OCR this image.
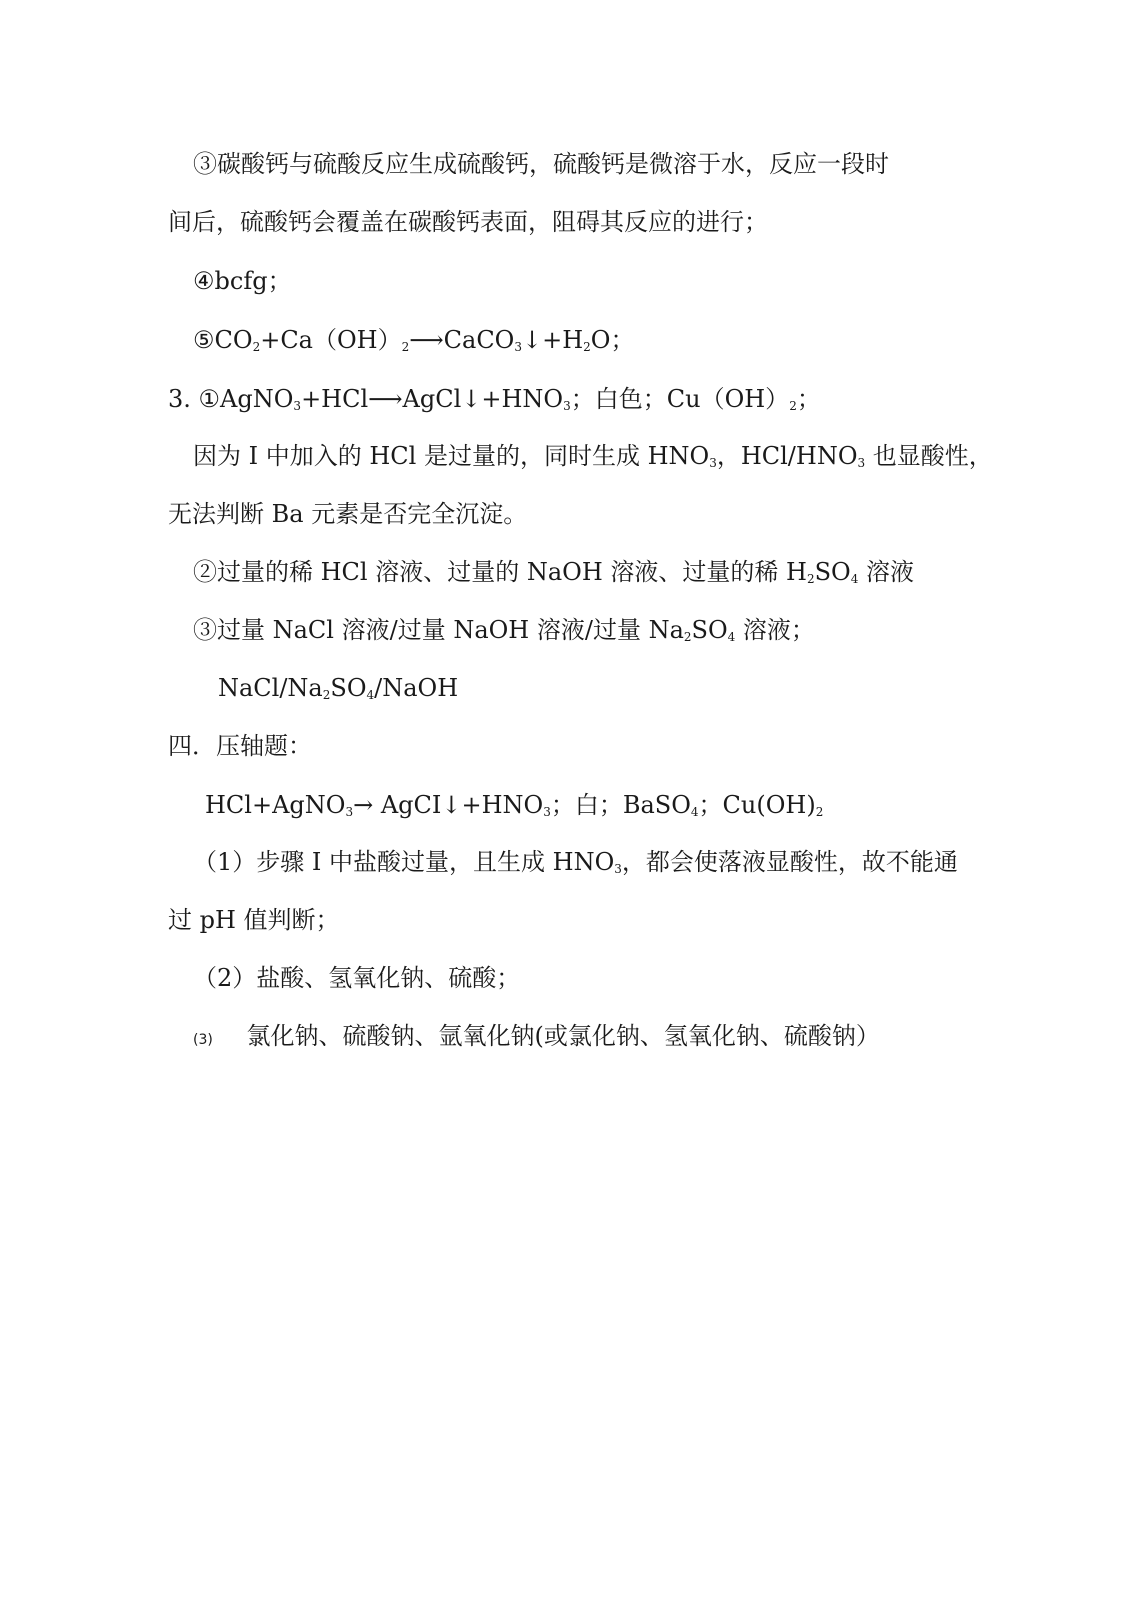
③碳酸钙与硫酸反应生成硫酸钙，硫酸钙是微溶于水，反应一段时
间后，硫酸钙会覆盖在碳酸钙表面，阻碍其反应的进行；
④bcfg；
$⑤CO_2+Ca(OH)_2⟶CaCO_3↓+H_2O$；
3. $①AgNO_3+HCl⟶AgCl↓+HNO_3$；白色；$Cu(OH)_2$；
因为 I 中加入的 HCl 是过量的，同时生成 $HNO_3$，HCl/$HNO_3$ 也显酸性，
无法判断 Ba 元素是否完全沉淀。
②过量的稀 HCl 溶液、过量的 NaOH 溶液、过量的稀 $H_2SO_4$ 溶液
③过量 NaCl 溶液/过量 NaOH 溶液/过量 $Na_2SO_4$ 溶液；
NaCl/$Na_2SO_4$/NaOH
四．压轴题：
HCl+AgNO$_3$→ $AgCI↓+HNO_3$；白；BaSO$_4$；$Cu(OH)_2$
（1）步骤 I 中盐酸过量，且生成 $HNO_3$，都会使落液显酸性，故不能通
过 pH 值判断；
（2）盐酸、氢氧化钠、硫酸；
(3) 氯化钠、硫酸钠、氩氧化钠(或氯化钠、氢氧化钠、硫酸钠）
